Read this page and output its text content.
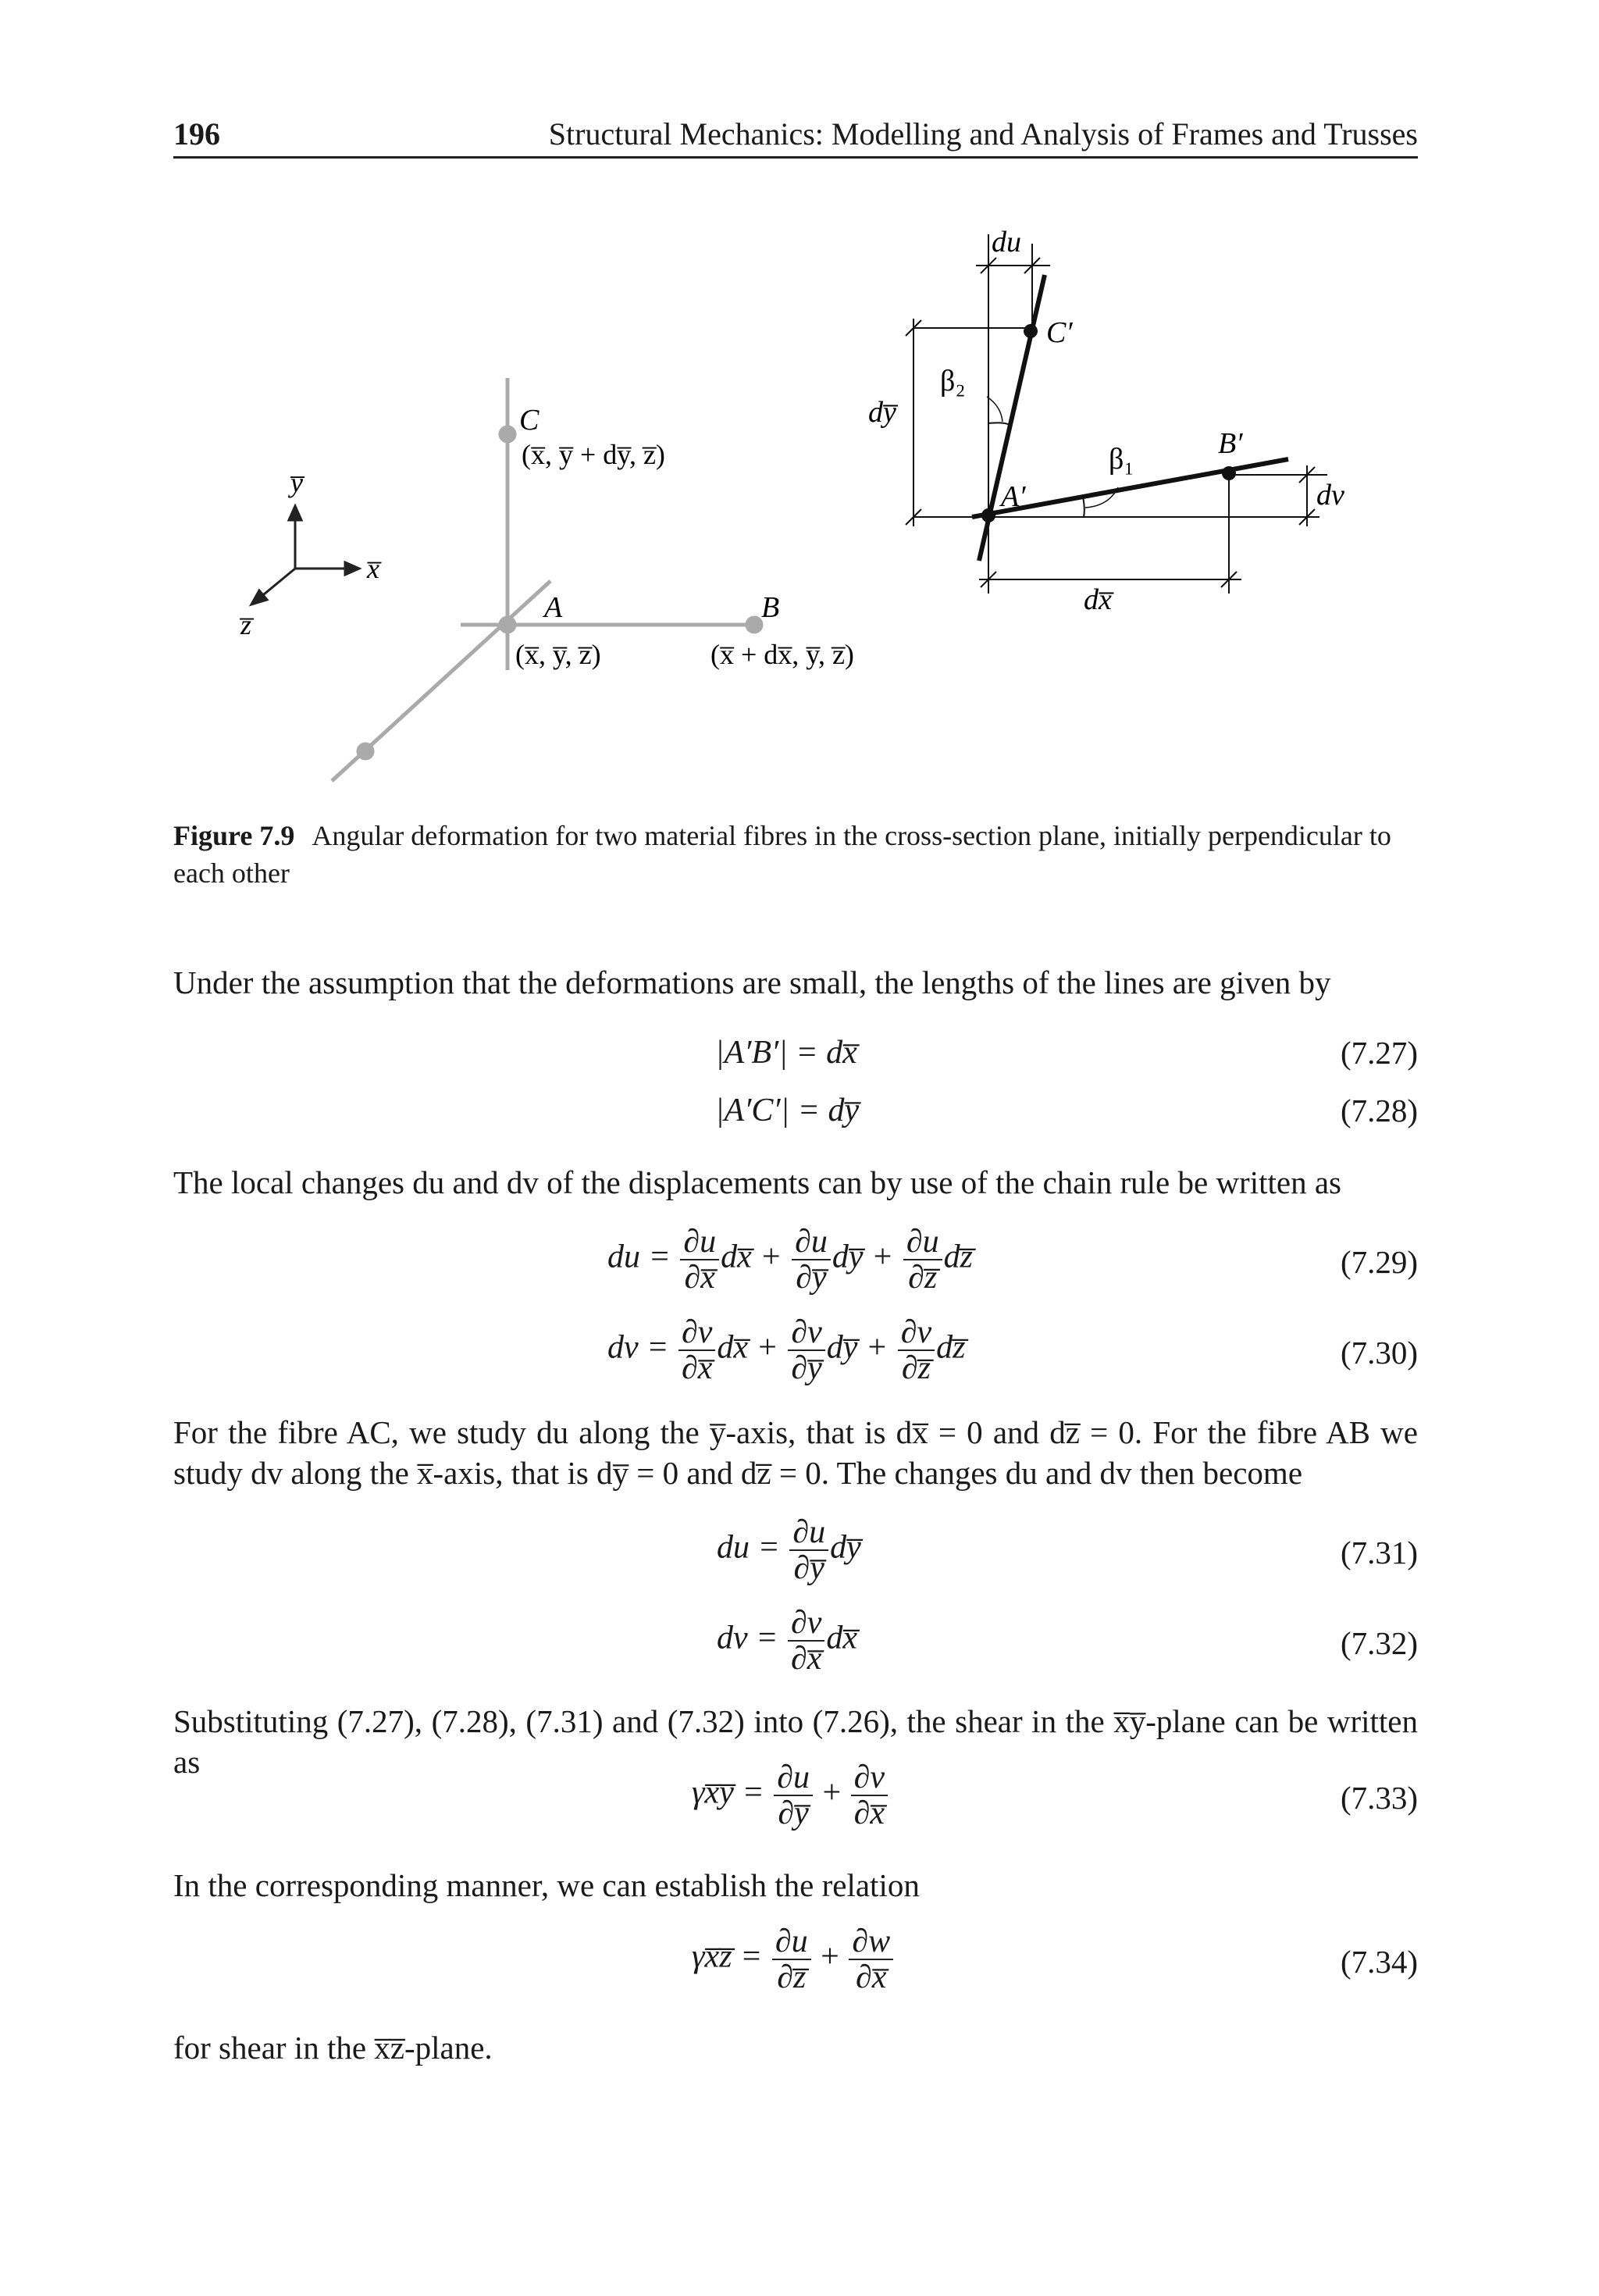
196	Structural Mechanics: Modelling and Analysis of Frames and Trusses
y̅
x̅
z̅
C
(x̅, y̅ + dy̅, z̅)
A
(x̅, y̅, z̅)
B
(x̅ + dx̅, y̅, z̅)
du
C′
dy̅
β₂
β₁	B′
A′	dv
dx̅
Figure 7.9 Angular deformation for two material fibres in the cross-section plane, initially perpendicular to each other
Under the assumption that the deformations are small, the lengths of the lines are given by
|A′B′| = dx̅	(7.27)
|A′C′| = dy̅	(7.28)
The local changes du and dv of the displacements can by use of the chain rule be written as
du = $\frac{\partial u}{\partial x̅}$ dx̅ + $\frac{\partial u}{\partial y̅}$ dy̅ + $\frac{\partial u}{\partial z̅}$ dz̅	(7.29)
dv = $\frac{\partial v}{\partial x̅}$ dx̅ + $\frac{\partial v}{\partial y̅}$ dy̅ + $\frac{\partial v}{\partial z̅}$ dz̅	(7.30)
For the fibre AC, we study du along the y̅-axis, that is dx̅ = 0 and dz̅ = 0. For the fibre AB we study dv along the x̅-axis, that is dy̅ = 0 and dz̅ = 0. The changes du and dv then become
du = $\frac{\partial u}{\partial y̅}$ dy̅	(7.31)
dv = $\frac{\partial v}{\partial x̅}$ dx̅	(7.32)
Substituting (7.27), (7.28), (7.31) and (7.32) into (7.26), the shear in the x̅y̅-plane can be written as
γx̅y̅ = $\frac{\partial u}{\partial y̅} + \frac{\partial v}{\partial x̅}$	(7.33)
In the corresponding manner, we can establish the relation
γx̅z̅ = $\frac{\partial u}{\partial z̅} + \frac{\partial w}{\partial x̅}$	(7.34)
for shear in the x̅z̅-plane.
